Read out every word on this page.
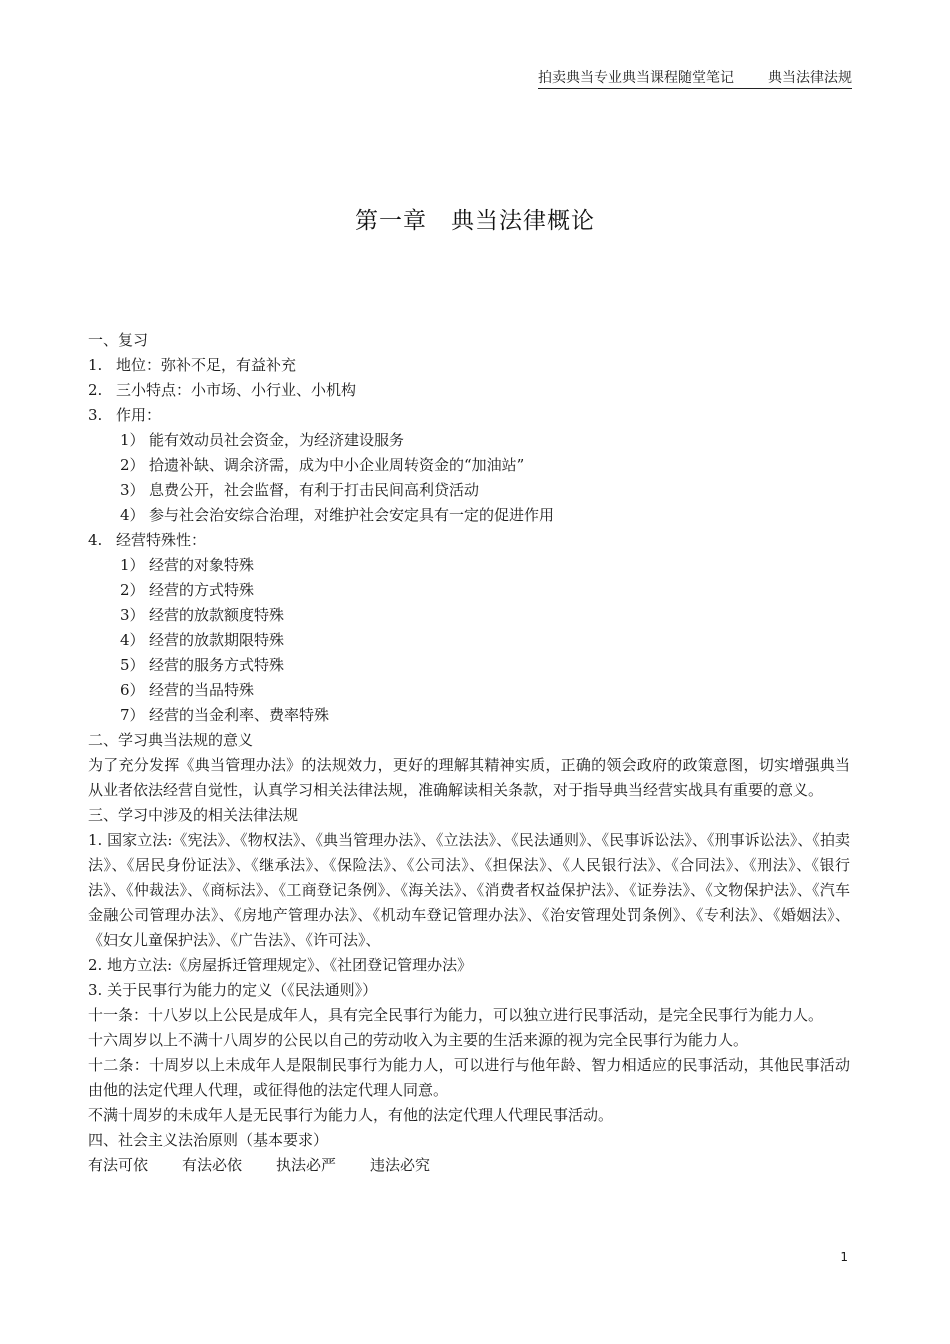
拍卖典当专业典当课程随堂笔记 典当法律法规
第一章　典当法律概论

一、复习

1. 地位：弥补不足，有益补充

2. 三小特点：小市场、小行业、小机构

3. 作用：

1） 能有效动员社会资金，为经济建设服务

2） 拾遗补缺、调余济需，成为中小企业周转资金的“加油站”

3） 息费公开，社会监督，有利于打击民间高利贷活动

4） 参与社会治安综合治理，对维护社会安定具有一定的促进作用

4. 经营特殊性：

1） 经营的对象特殊

2） 经营的方式特殊

3） 经营的放款额度特殊

4） 经营的放款期限特殊

5） 经营的服务方式特殊

6） 经营的当品特殊

7） 经营的当金利率、费率特殊

二、学习典当法规的意义

为了充分发挥《典当管理办法》的法规效力，更好的理解其精神实质，正确的领会政府的政策意图，切实增强典当从业者依法经营自觉性，认真学习相关法律法规，准确解读相关条款，对于指导典当经营实战具有重要的意义。

三、学习中涉及的相关法律法规

1. 国家立法:《宪法》、《物权法》、《典当管理办法》、《立法法》、《民法通则》、《民事诉讼法》、《刑事诉讼法》、《拍卖法》、《居民身份证法》、《继承法》、《保险法》、《公司法》、《担保法》、《人民银行法》、《合同法》、《刑法》、《银行法》、《仲裁法》、《商标法》、《工商登记条例》、《海关法》、《消费者权益保护法》、《证券法》、《文物保护法》、《汽车金融公司管理办法》、《房地产管理办法》、《机动车登记管理办法》、《治安管理处罚条例》、《专利法》、《婚姻法》、《妇女儿童保护法》、《广告法》、《许可法》、

2. 地方立法:《房屋拆迁管理规定》、《社团登记管理办法》

3. 关于民事行为能力的定义（《民法通则》）

十一条：十八岁以上公民是成年人，具有完全民事行为能力，可以独立进行民事活动，是完全民事行为能力人。

十六周岁以上不满十八周岁的公民以自己的劳动收入为主要的生活来源的视为完全民事行为能力人。

十二条：十周岁以上未成年人是限制民事行为能力人，可以进行与他年龄、智力相适应的民事活动，其他民事活动由他的法定代理人代理，或征得他的法定代理人同意。

不满十周岁的未成年人是无民事行为能力人，有他的法定代理人代理民事活动。

四、社会主义法治原则（基本要求）

有法可依 有法必依 执法必严 违法必究

1
